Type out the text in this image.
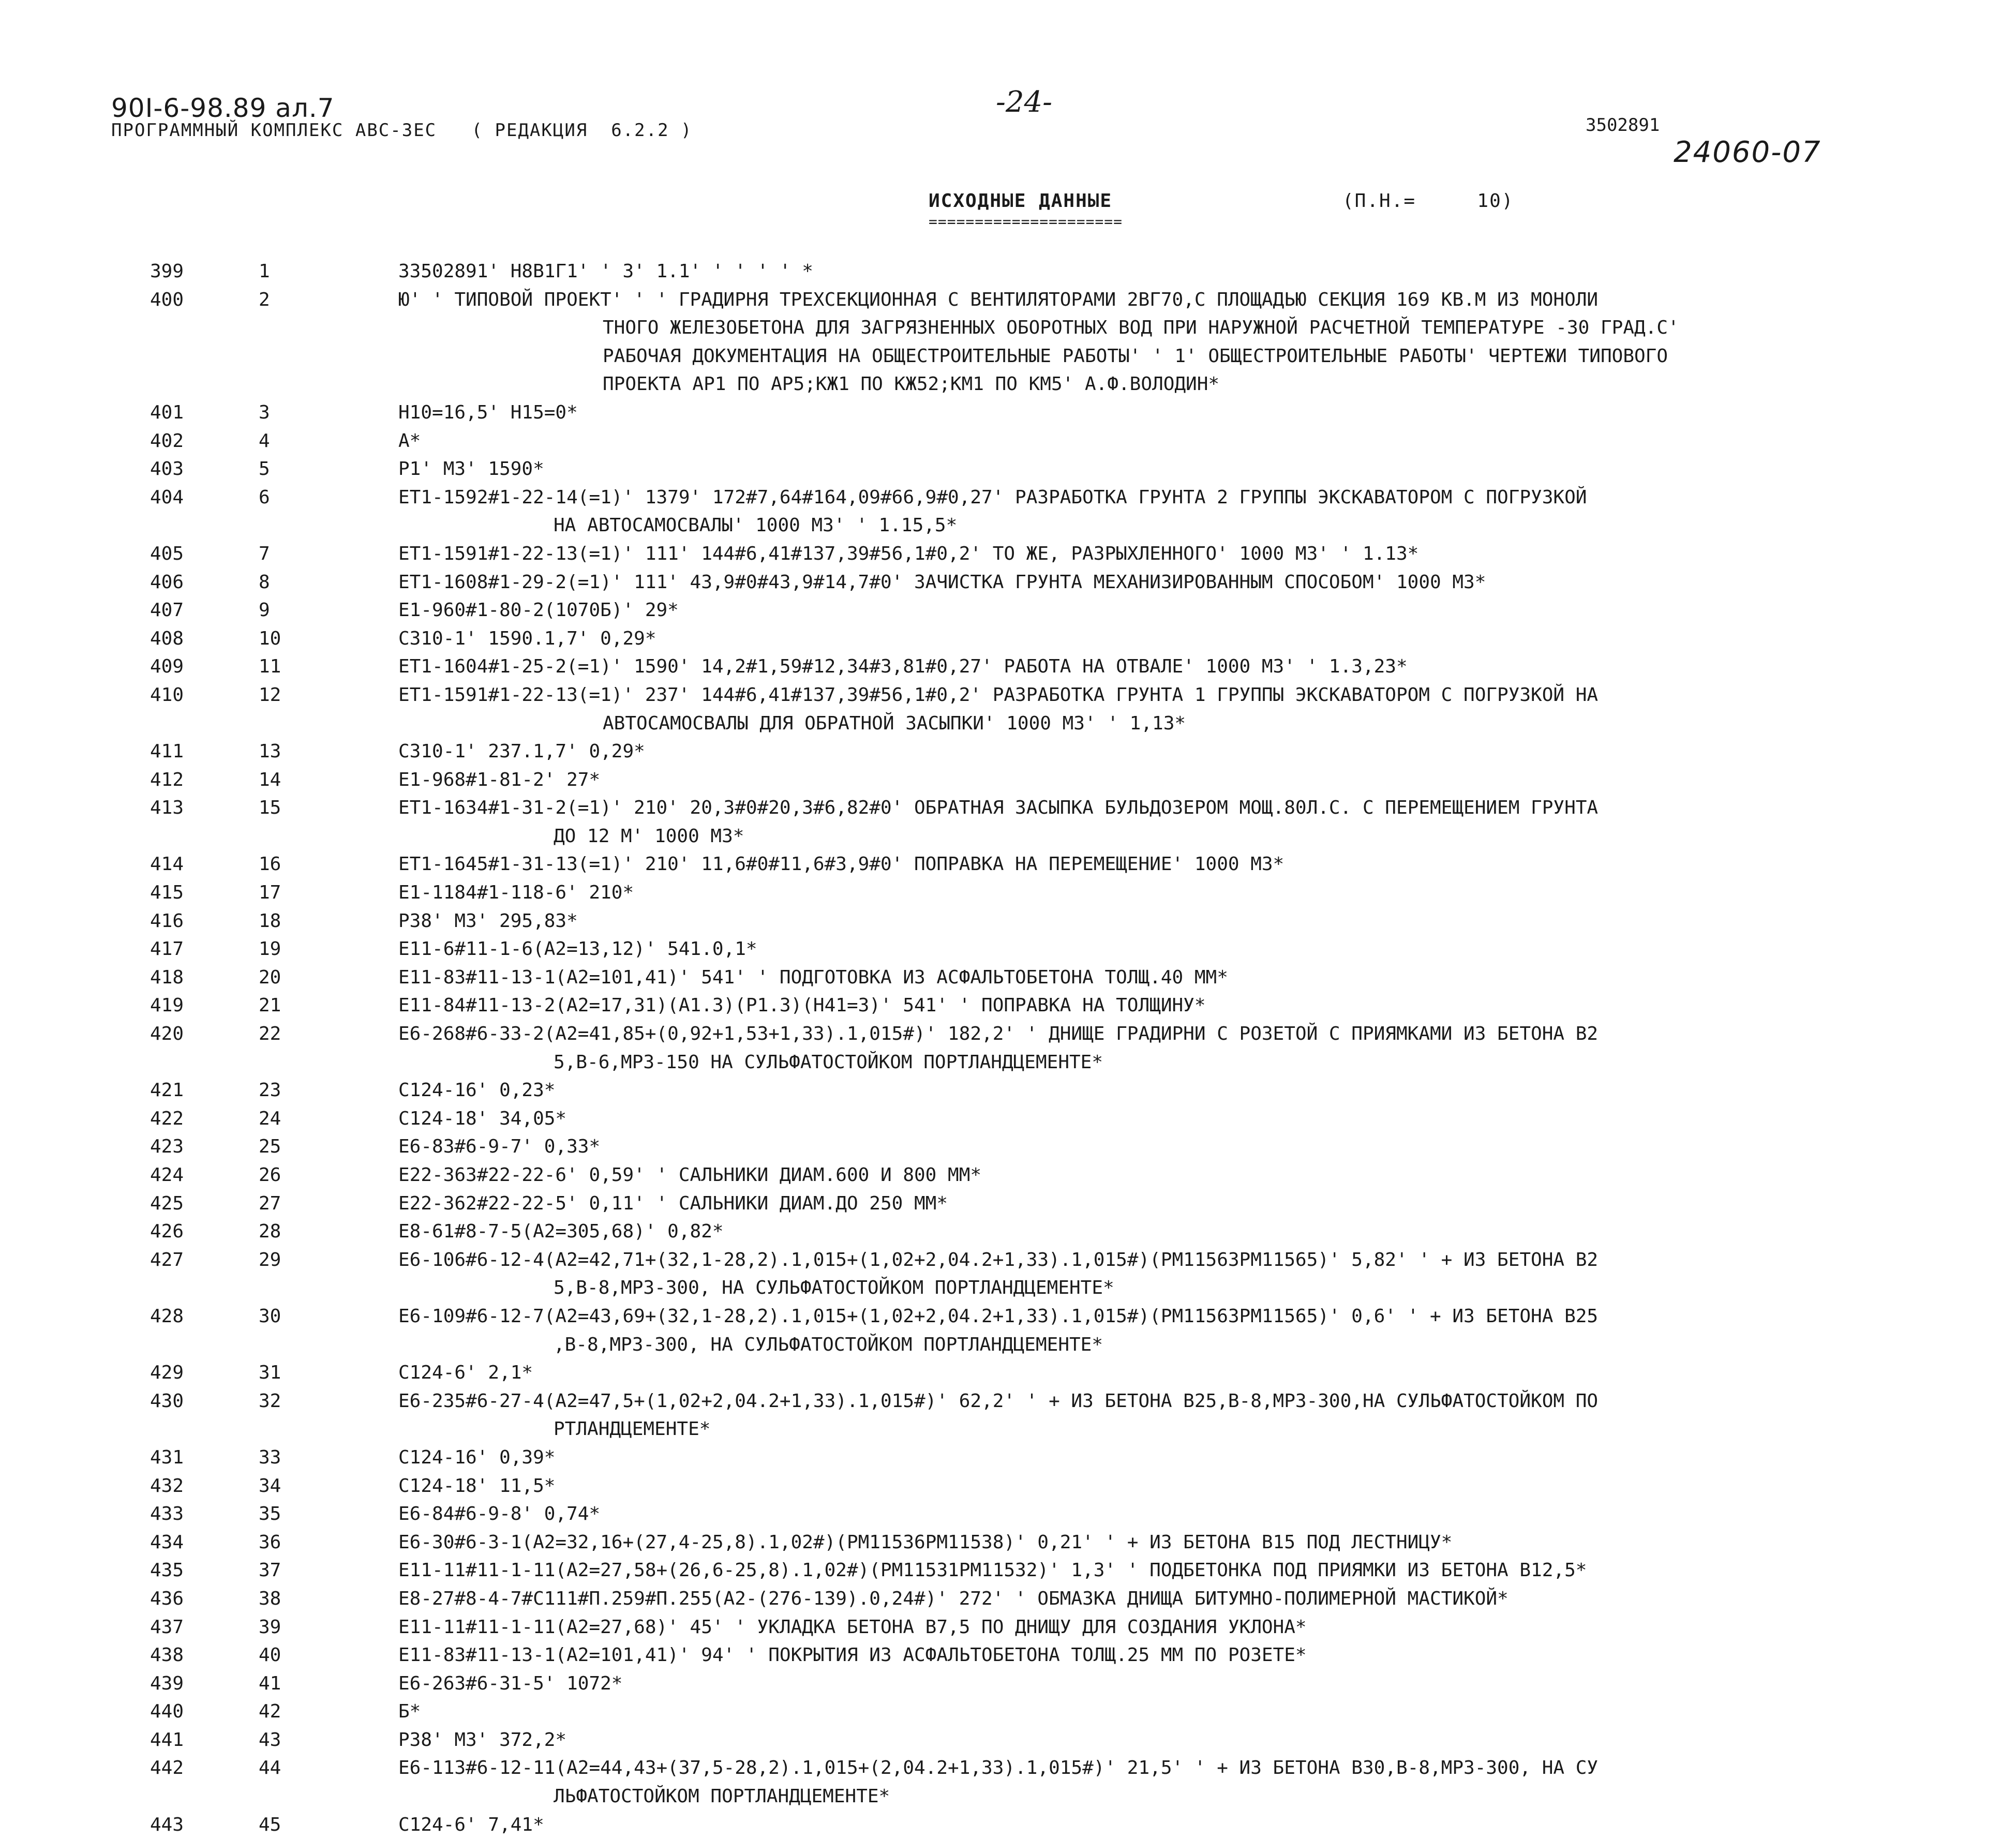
90I-6-98.89 ал.7
ПРОГРАММНЫЙ КОМПЛЕКС АВС-3ЕС   ( РЕДАКЦИЯ  6.2.2 )
-24-
3502891
24060-07
ИСХОДНЫЕ ДАННЫЕ
=====================
(П.Н.=     10)
399	1	33502891' Н8В1Г1' ' 3' 1.1' ' ' ' ' *
400	2	Ю' ' ТИПОВОЙ ПРОЕКТ' ' ' ГРАДИРНЯ ТРЕХСЕКЦИОННАЯ С ВЕНТИЛЯТОРАМИ 2ВГ70,С ПЛОЩАДЬЮ СЕКЦИЯ 169 КВ.М ИЗ МОНОЛИ
ТНОГО ЖЕЛЕЗОБЕТОНА ДЛЯ ЗАГРЯЗНЕННЫХ ОБОРОТНЫХ ВОД ПРИ НАРУЖНОЙ РАСЧЕТНОЙ ТЕМПЕРАТУРЕ -30 ГРАД.С'
РАБОЧАЯ ДОКУМЕНТАЦИЯ НА ОБЩЕСТРОИТЕЛЬНЫЕ РАБОТЫ' ' 1' ОБЩЕСТРОИТЕЛЬНЫЕ РАБОТЫ' ЧЕРТЕЖИ ТИПОВОГО
ПРОЕКТА АР1 ПО АР5;КЖ1 ПО КЖ52;КМ1 ПО КМ5' А.Ф.ВОЛОДИН*
401	3	Н10=16,5' Н15=0*
402	4	А*
403	5	Р1' М3' 1590*
404	6	ЕТ1-1592#1-22-14(=1)' 1379' 172#7,64#164,09#66,9#0,27' РАЗРАБОТКА ГРУНТА 2 ГРУППЫ ЭКСКАВАТОРОМ С ПОГРУЗКОЙ
НА АВТОСАМОСВАЛЫ' 1000 М3' ' 1.15,5*
405	7	ЕТ1-1591#1-22-13(=1)' 111' 144#6,41#137,39#56,1#0,2' ТО ЖЕ, РАЗРЫХЛЕННОГО' 1000 М3' ' 1.13*
406	8	ЕТ1-1608#1-29-2(=1)' 111' 43,9#0#43,9#14,7#0' ЗАЧИСТКА ГРУНТА МЕХАНИЗИРОВАННЫМ СПОСОБОМ' 1000 М3*
407	9	Е1-960#1-80-2(1070Б)' 29*
408	10	С310-1' 1590.1,7' 0,29*
409	11	ЕТ1-1604#1-25-2(=1)' 1590' 14,2#1,59#12,34#3,81#0,27' РАБОТА НА ОТВАЛЕ' 1000 М3' ' 1.3,23*
410	12	ЕТ1-1591#1-22-13(=1)' 237' 144#6,41#137,39#56,1#0,2' РАЗРАБОТКА ГРУНТА 1 ГРУППЫ ЭКСКАВАТОРОМ С ПОГРУЗКОЙ НА
АВТОСАМОСВАЛЫ ДЛЯ ОБРАТНОЙ ЗАСЫПКИ' 1000 М3' ' 1,13*
411	13	С310-1' 237.1,7' 0,29*
412	14	Е1-968#1-81-2' 27*
413	15	ЕТ1-1634#1-31-2(=1)' 210' 20,3#0#20,3#6,82#0' ОБРАТНАЯ ЗАСЫПКА БУЛЬДОЗЕРОМ МОЩ.80Л.С. С ПЕРЕМЕЩЕНИЕМ ГРУНТА
ДО 12 М' 1000 М3*
414	16	ЕТ1-1645#1-31-13(=1)' 210' 11,6#0#11,6#3,9#0' ПОПРАВКА НА ПЕРЕМЕЩЕНИЕ' 1000 М3*
415	17	Е1-1184#1-118-6' 210*
416	18	Р38' М3' 295,83*
417	19	Е11-6#11-1-6(А2=13,12)' 541.0,1*
418	20	Е11-83#11-13-1(А2=101,41)' 541' ' ПОДГОТОВКА ИЗ АСФАЛЬТОБЕТОНА ТОЛЩ.40 ММ*
419	21	Е11-84#11-13-2(А2=17,31)(А1.3)(Р1.3)(Н41=3)' 541' ' ПОПРАВКА НА ТОЛЩИНУ*
420	22	Е6-268#6-33-2(А2=41,85+(0,92+1,53+1,33).1,015#)' 182,2' ' ДНИЩЕ ГРАДИРНИ С РОЗЕТОЙ С ПРИЯМКАМИ ИЗ БЕТОНА В2
5,В-6,МРЗ-150 НА СУЛЬФАТОСТОЙКОМ ПОРТЛАНДЦЕМЕНТЕ*
421	23	С124-16' 0,23*
422	24	С124-18' 34,05*
423	25	Е6-83#6-9-7' 0,33*
424	26	Е22-363#22-22-6' 0,59' ' САЛЬНИКИ ДИАМ.600 И 800 ММ*
425	27	Е22-362#22-22-5' 0,11' ' САЛЬНИКИ ДИАМ.ДО 250 ММ*
426	28	Е8-61#8-7-5(А2=305,68)' 0,82*
427	29	Е6-106#6-12-4(А2=42,71+(32,1-28,2).1,015+(1,02+2,04.2+1,33).1,015#)(РМ11563РМ11565)' 5,82' ' + ИЗ БЕТОНА В2
5,В-8,МРЗ-300, НА СУЛЬФАТОСТОЙКОМ ПОРТЛАНДЦЕМЕНТЕ*
428	30	Е6-109#6-12-7(А2=43,69+(32,1-28,2).1,015+(1,02+2,04.2+1,33).1,015#)(РМ11563РМ11565)' 0,6' ' + ИЗ БЕТОНА В25
,В-8,МРЗ-300, НА СУЛЬФАТОСТОЙКОМ ПОРТЛАНДЦЕМЕНТЕ*
429	31	С124-6' 2,1*
430	32	Е6-235#6-27-4(А2=47,5+(1,02+2,04.2+1,33).1,015#)' 62,2' ' + ИЗ БЕТОНА В25,В-8,МРЗ-300,НА СУЛЬФАТОСТОЙКОМ ПО
РТЛАНДЦЕМЕНТЕ*
431	33	С124-16' 0,39*
432	34	С124-18' 11,5*
433	35	Е6-84#6-9-8' 0,74*
434	36	Е6-30#6-3-1(А2=32,16+(27,4-25,8).1,02#)(РМ11536РМ11538)' 0,21' ' + ИЗ БЕТОНА В15 ПОД ЛЕСТНИЦУ*
435	37	Е11-11#11-1-11(А2=27,58+(26,6-25,8).1,02#)(РМ11531РМ11532)' 1,3' ' ПОДБЕТОНКА ПОД ПРИЯМКИ ИЗ БЕТОНА В12,5*
436	38	Е8-27#8-4-7#С111#П.259#П.255(А2-(276-139).0,24#)' 272' ' ОБМАЗКА ДНИЩА БИТУМНО-ПОЛИМЕРНОЙ МАСТИКОЙ*
437	39	Е11-11#11-1-11(А2=27,68)' 45' ' УКЛАДКА БЕТОНА В7,5 ПО ДНИЩУ ДЛЯ СОЗДАНИЯ УКЛОНА*
438	40	Е11-83#11-13-1(А2=101,41)' 94' ' ПОКРЫТИЯ ИЗ АСФАЛЬТОБЕТОНА ТОЛЩ.25 ММ ПО РОЗЕТЕ*
439	41	Е6-263#6-31-5' 1072*
440	42	Б*
441	43	Р38' М3' 372,2*
442	44	Е6-113#6-12-11(А2=44,43+(37,5-28,2).1,015+(2,04.2+1,33).1,015#)' 21,5' ' + ИЗ БЕТОНА В30,В-8,МРЗ-300, НА СУ
ЛЬФАТОСТОЙКОМ ПОРТЛАНДЦЕМЕНТЕ*
443	45	С124-6' 7,41*
